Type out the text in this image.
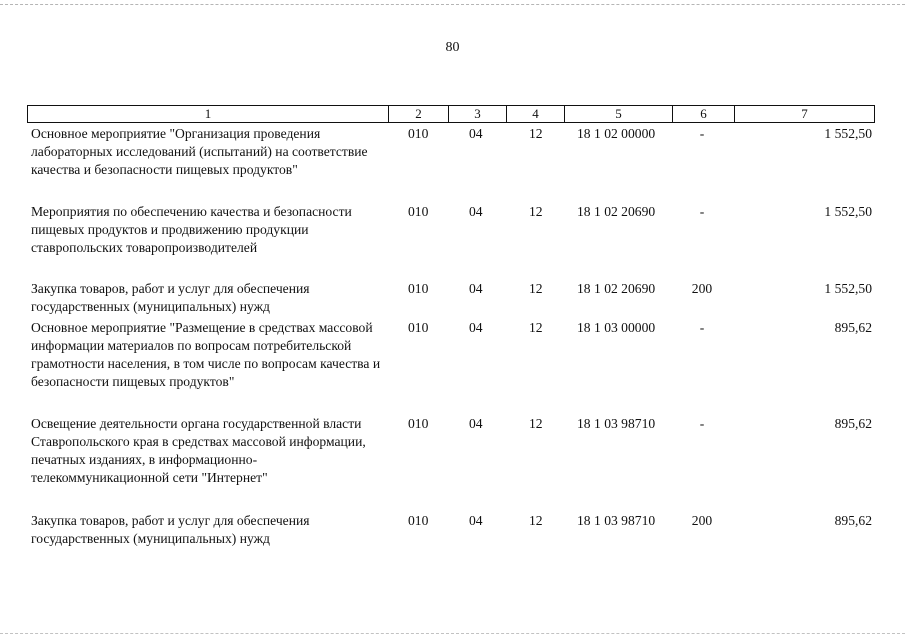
80
1	2	3	4	5	6	7
Основное мероприятие "Организация проведения лабораторных исследований (испытаний) на соответствие качества и безопасности пищевых продуктов"
010	04	12	18 1 02 00000	-	1 552,50
Мероприятия по обеспечению качества и безопасности пищевых продуктов и продвижению продукции ставропольских товаропроизводителей
010	04	12	18 1 02 20690	-	1 552,50
Закупка товаров, работ и услуг для обеспечения государственных (муниципальных) нужд
010	04	12	18 1 02 20690	200	1 552,50
Основное мероприятие "Размещение в средствах массовой информации материалов по вопросам потребительской грамотности населения, в том числе по вопросам качества и безопасности пищевых продуктов"
010	04	12	18 1 03 00000	-	895,62
Освещение деятельности органа государственной власти Ставропольского края в средствах массовой информации, печатных изданиях, в информационно-телекоммуникационной сети "Интернет"
010	04	12	18 1 03 98710	-	895,62
Закупка товаров, работ и услуг для обеспечения государственных (муниципальных) нужд
010	04	12	18 1 03 98710	200	895,62
